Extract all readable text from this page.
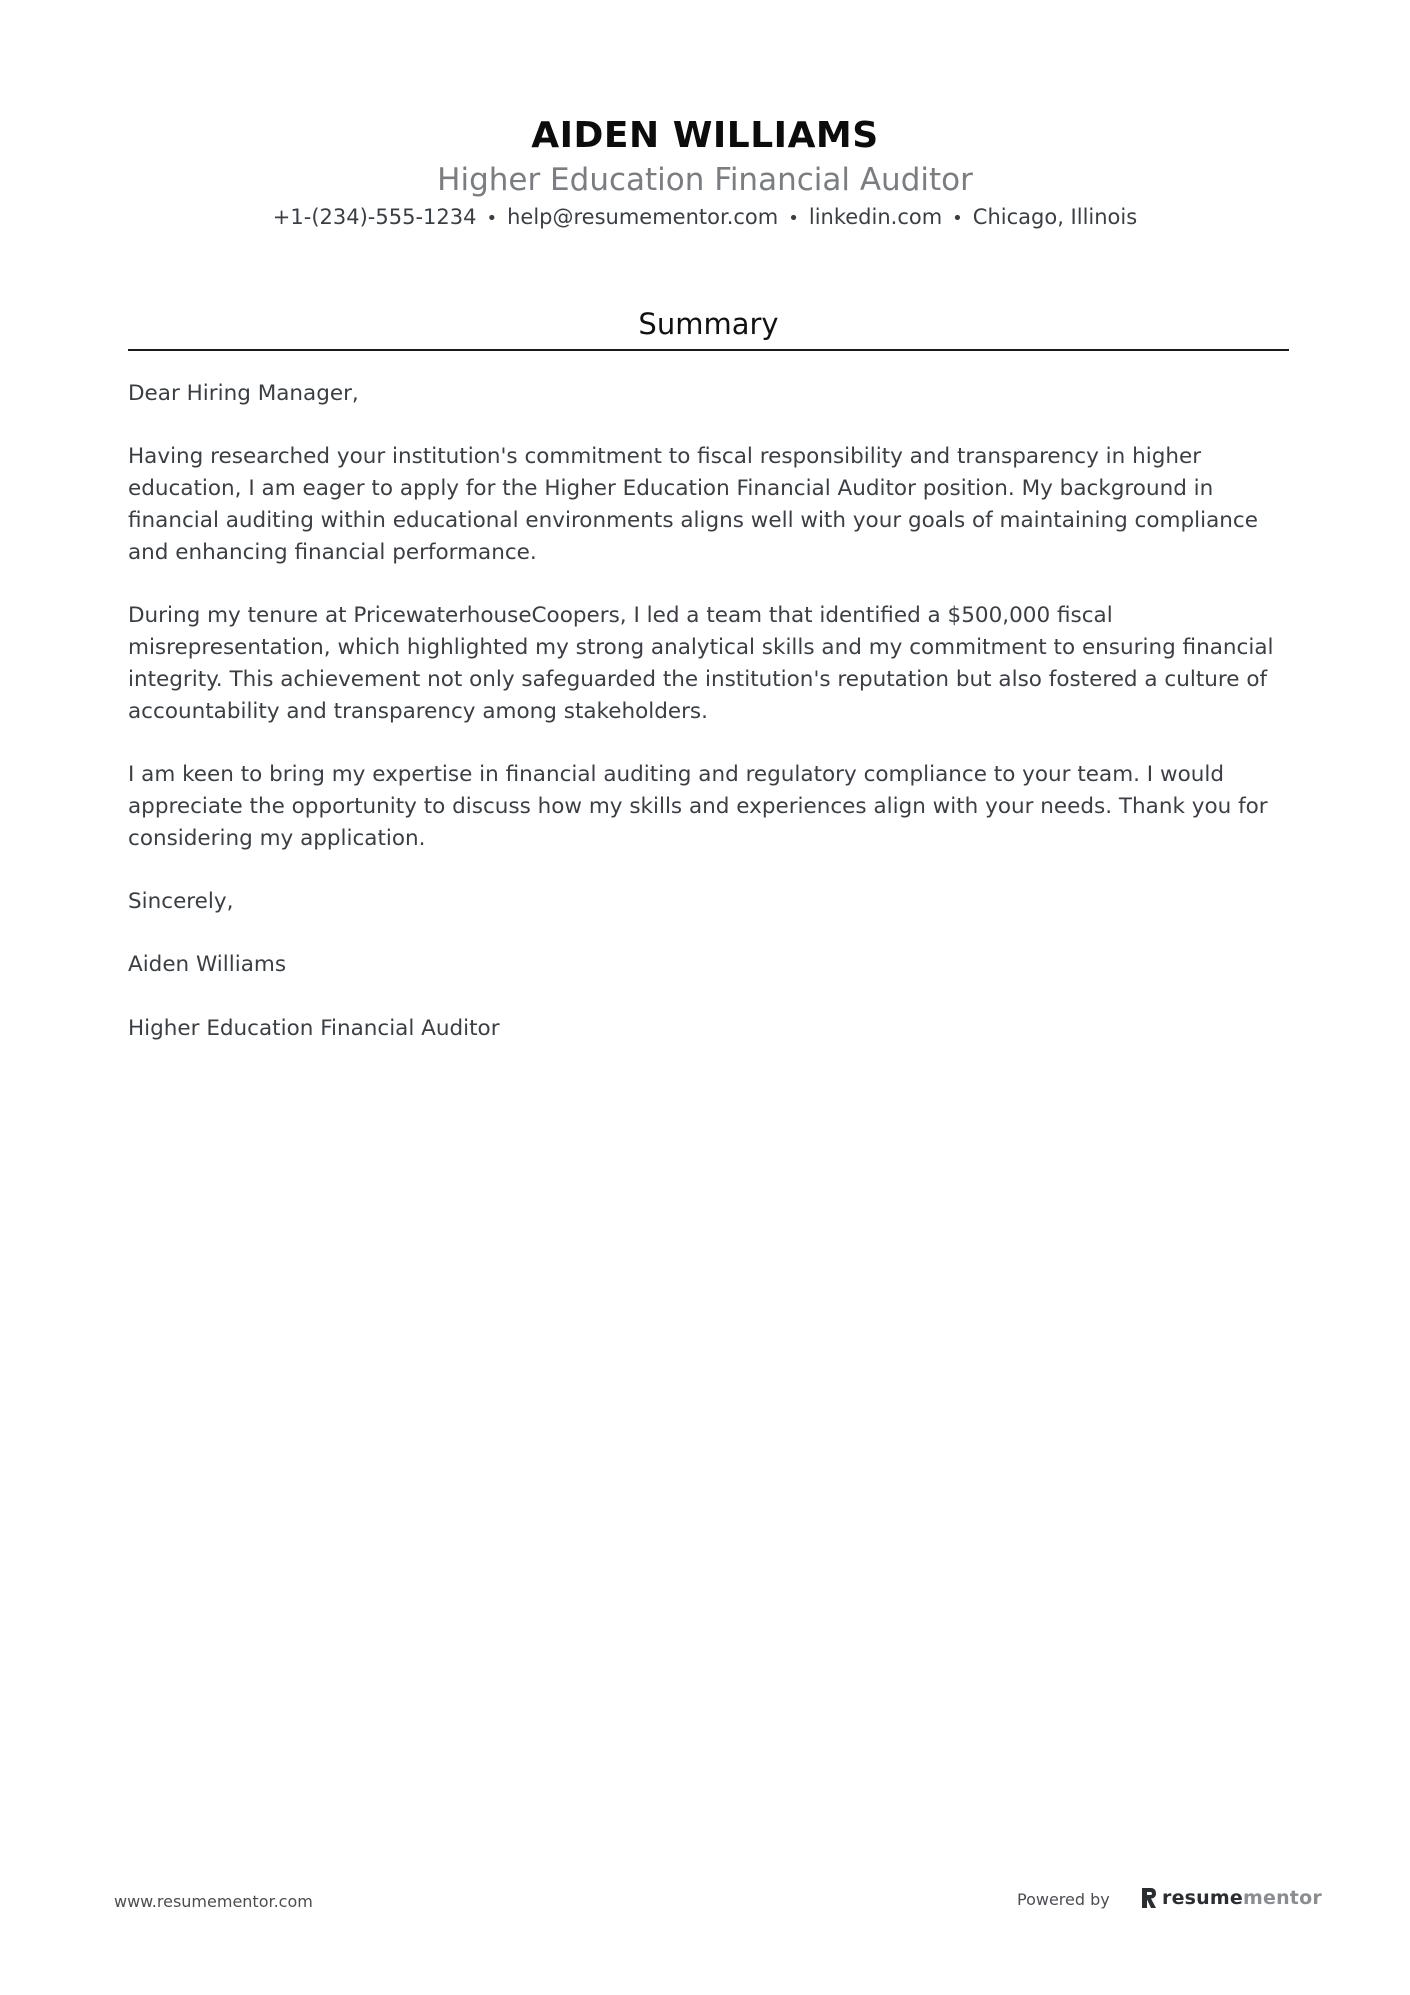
AIDEN WILLIAMS
Higher Education Financial Auditor
+1-(234)-555-1234 • help@resumementor.com • linkedin.com • Chicago, Illinois
Summary

Dear Hiring Manager,

Having researched your institution's commitment to fiscal responsibility and transparency in higher education, I am eager to apply for the Higher Education Financial Auditor position. My background in financial auditing within educational environments aligns well with your goals of maintaining compliance and enhancing financial performance.

During my tenure at PricewaterhouseCoopers, I led a team that identified a $500,000 fiscal misrepresentation, which highlighted my strong analytical skills and my commitment to ensuring financial integrity. This achievement not only safeguarded the institution's reputation but also fostered a culture of accountability and transparency among stakeholders.

I am keen to bring my expertise in financial auditing and regulatory compliance to your team. I would appreciate the opportunity to discuss how my skills and experiences align with your needs. Thank you for considering my application.

Sincerely,

Aiden Williams

Higher Education Financial Auditor

www.resumementor.com	Powered by	resumementor
